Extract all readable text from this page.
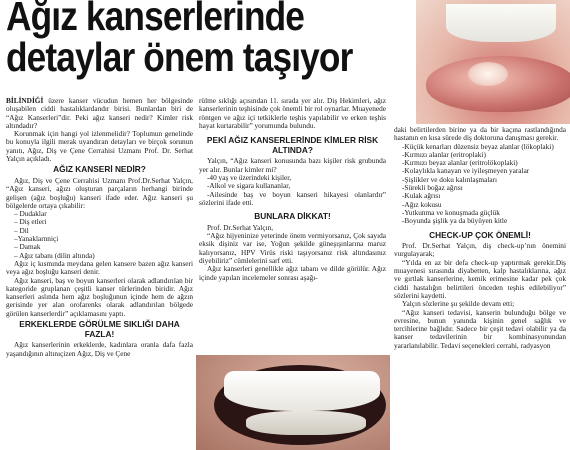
Ağız kanserlerinde
detaylar önem taşıyor

BİLİNDİĞİ üzere kanser vücudun hemen her bölgesinde oluşabilen ciddi hastalıklardandır birisi. Bunlardan biri de “Ağız Kanserleri”dir. Peki ağız kanseri nedir? Kimler risk altındadır?

Korunmak için hangi yol izlenmelidir? Toplumun genelinde bu konuyla ilgili merak uyandıran detayları ve birçok sorunun yanıtı, Ağız, Diş ve Çene Cerrahisi Uzmanı Prof. Dr. Serhat Yalçın açıkladı.

AĞIZ KANSERİ NEDİR?

Ağız, Diş ve Çene Cerrahisi Uzmanı Prof.Dr.Serhat Yalçın, “Ağız kanseri, ağızı oluşturan parçaların herhangi birinde gelişen (ağız boşluğu) kanseri ifade eder. Ağız kanseri şu bölgelerde ortaya çıkabilir:

– Dudaklar
– Diş etleri
– Dil
–Yanaklarnniçi
– Damak
– Ağız tabanı (dilin altında)

Ağız iç kısmında meydana gelen kansere bazen ağız kanseri veya ağız boşluğu kanseri denir.

Ağız kanseri, baş ve boyun kanserleri olarak adlandırılan bir kategoride gruplanan çeşitli kanser türlerinden biridir. Ağız kanserleri aslında hem ağız boşluğunun içinde hem de ağzın gerisinde yer alan orofarenks olarak adlandırılan bölgede görülen kanserlerdir” açıklamasını yaptı.

ERKEKLERDE GÖRÜLME SIKLIĞI DAHA FAZLA!

Ağız kanserlerinin erkeklerde, kadınlara oranla dafa fazla yaşandığının altınıçizen Ağız, Diş ve Çene

rülme sıklığı açısından 11. sırada yer alır. Diş Hekimleri, ağız kanserlerinin teşhisinde çok önemli bir rol oynarlar. Muayenede röntgen ve ağız içi tetkiklerle teşhis yapılabilir ve erken teşhis hayat kurtarabilir” yorumunda bulundu.

PEKİ AĞIZ KANSERLERİNDE KİMLER RİSK ALTINDA?

Yalçın, “Ağız kanseri konusunda bazı kişiler risk grubunda yer alır. Bunlar kimler mi?

-40 yaş ve üzerindeki kişiler,
-Alkol ve sigara kullananlar,
-Ailesinde baş ve boyun kanseri hikayesi olanlardır” sözlerini ifade etti.
BUNLARA DİKKAT!

Prof. Dr.Serhat Yalçın,

“Ağız hijyeninize yeterinde önem vermiyorsanız, Çok sayıda eksik dişiniz var ise, Yoğun şekilde güneşışınlarına maruz kalıyorsanız, HPV Virüs riski taşıyorsanız risk altındasınız diyebiliriz” cümlelerini sarf etti.

Ağız kanserleri genellikle ağız tabanı ve dilde görülür. Ağız içinde yapılan incelemeler sonrası aşağı-

daki belirtilerden birine ya da bir kaçına rastlandığında hastanın en kısa sürede diş doktoruna danışması gerekir.

-Küçük kenarları düzensiz beyaz alanlar (lökoplaki)
-Kırmızı alanlar (eritroplaki)
-Kırmızı beyaz alanlar (eritrolökoplaki)
-Kolaylıkla kanayan ve iyileşmeyen yaralar
-Şişlikler ve doku kalınlaşmaları
-Sürekli boğaz ağrısı
-Kulak ağrısı
-Ağız kokusu
-Yutkunma ve konuşmada güçlük
-Boyunda şişlik ya da büyüyen kitle
CHECK-UP ÇOK ÖNEMLİ!

Prof. Dr.Serhat Yalçın, diş check-up’nın önemini vurgulayarak;

“Yılda en az bir defa check-up yaptırmak gerekir.Diş muayenesi sırasında diyabetten, kalp hastalıklarına, ağız ve gırtlak kanserlerine, kemik erimesine kadar pek çok ciddi hastalığın belirtileri önceden teşhis edilebiliyor” sözlerini kaydetti.

Yalçın sözlerine şu şekilde devam etti;

“Ağız kanseri tedavisi, kanserin bulunduğu bölge ve evresine, bunun yanında kişinin genel sağlık ve tercihlerine bağlıdır. Sadece bir çeşit tedavi olabilir ya da kanser tedavilerinin bir kombinasyonundan yararlanılabilir. Tedavi seçenekleri cerrahi, radyasyon
